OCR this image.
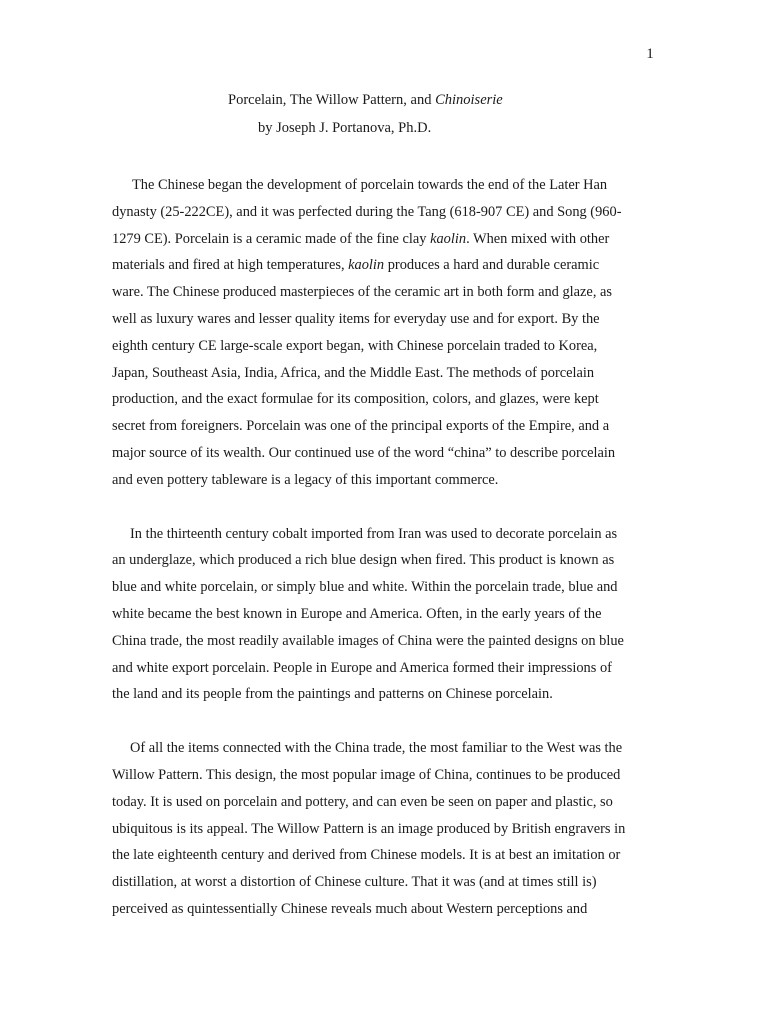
1
Porcelain, The Willow Pattern, and Chinoiserie
by Joseph J. Portanova, Ph.D.
The Chinese began the development of porcelain towards the end of the Later Han
dynasty (25-222CE), and it was perfected during the Tang (618-907 CE) and Song (960-
1279 CE). Porcelain is a ceramic made of the fine clay kaolin. When mixed with other
materials and fired at high temperatures, kaolin produces a hard and durable ceramic
ware. The Chinese produced masterpieces of the ceramic art in both form and glaze, as
well as luxury wares and lesser quality items for everyday use and for export. By the
eighth century CE large-scale export began, with Chinese porcelain traded to Korea,
Japan, Southeast Asia, India, Africa, and the Middle East. The methods of porcelain
production, and the exact formulae for its composition, colors, and glazes, were kept
secret from foreigners. Porcelain was one of the principal exports of the Empire, and a
major source of its wealth. Our continued use of the word “china” to describe porcelain
and even pottery tableware is a legacy of this important commerce.
In the thirteenth century cobalt imported from Iran was used to decorate porcelain as
an underglaze, which produced a rich blue design when fired. This product is known as
blue and white porcelain, or simply blue and white. Within the porcelain trade, blue and
white became the best known in Europe and America. Often, in the early years of the
China trade, the most readily available images of China were the painted designs on blue
and white export porcelain. People in Europe and America formed their impressions of
the land and its people from the paintings and patterns on Chinese porcelain.
Of all the items connected with the China trade, the most familiar to the West was the
Willow Pattern. This design, the most popular image of China, continues to be produced
today. It is used on porcelain and pottery, and can even be seen on paper and plastic, so
ubiquitous is its appeal. The Willow Pattern is an image produced by British engravers in
the late eighteenth century and derived from Chinese models. It is at best an imitation or
distillation, at worst a distortion of Chinese culture. That it was (and at times still is)
perceived as quintessentially Chinese reveals much about Western perceptions and
